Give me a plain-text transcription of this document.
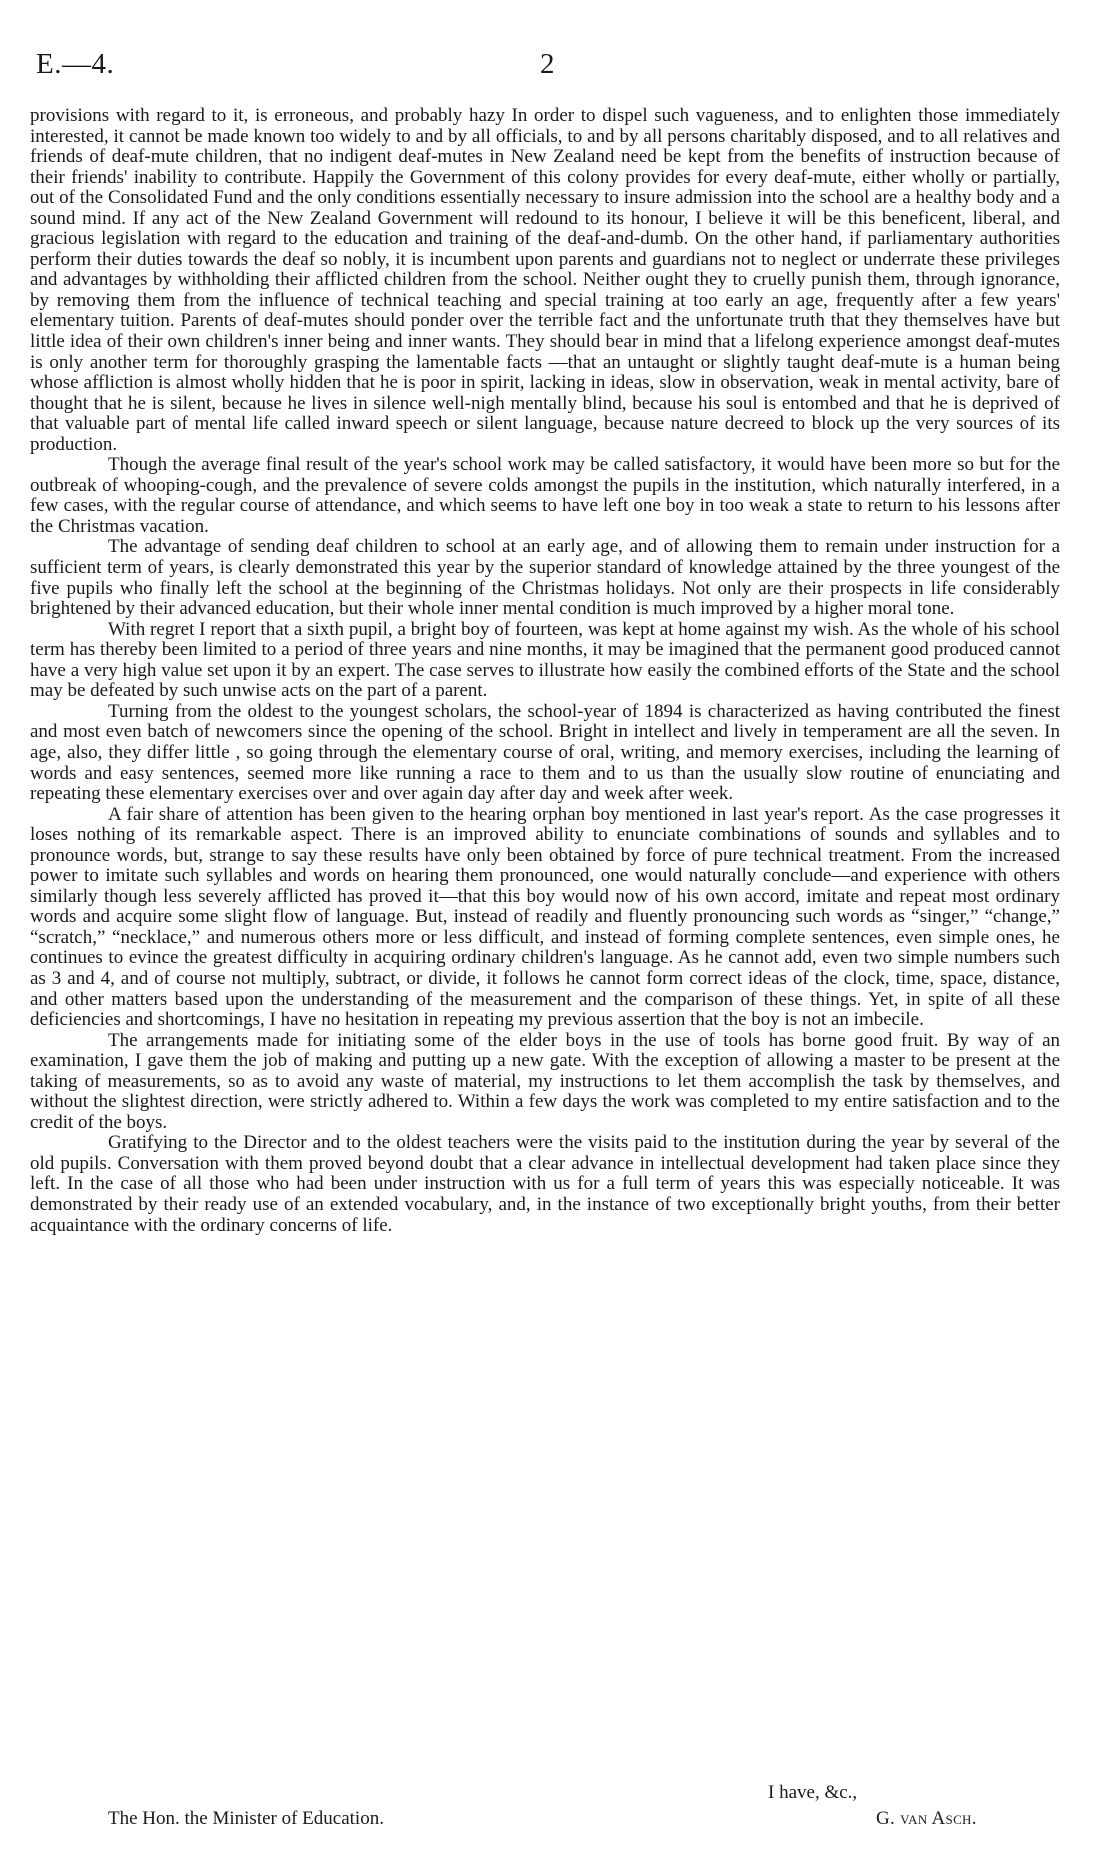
E.—4.	2

provisions with regard to it, is erroneous, and probably hazy In order to dispel such vagueness, and to enlighten those immediately interested, it cannot be made known too widely to and by all officials, to and by all persons charitably disposed, and to all relatives and friends of deaf-mute children, that no indigent deaf-mutes in New Zealand need be kept from the benefits of instruction because of their friends' inability to contribute. Happily the Government of this colony provides for every deaf-mute, either wholly or partially, out of the Consolidated Fund and the only conditions essentially necessary to insure admission into the school are a healthy body and a sound mind. If any act of the New Zealand Government will redound to its honour, I believe it will be this beneficent, liberal, and gracious legislation with regard to the education and training of the deaf-and-dumb. On the other hand, if parliamentary authorities perform their duties towards the deaf so nobly, it is incumbent upon parents and guardians not to neglect or underrate these privileges and advantages by withholding their afflicted children from the school. Neither ought they to cruelly punish them, through ignorance, by removing them from the influence of technical teaching and special training at too early an age, frequently after a few years' elementary tuition. Parents of deaf-mutes should ponder over the terrible fact and the unfortunate truth that they themselves have but little idea of their own children's inner being and inner wants. They should bear in mind that a lifelong experience amongst deaf-mutes is only another term for thoroughly grasping the lamentable facts —that an untaught or slightly taught deaf-mute is a human being whose affliction is almost wholly hidden that he is poor in spirit, lacking in ideas, slow in observation, weak in mental activity, bare of thought that he is silent, because he lives in silence well-nigh mentally blind, because his soul is entombed and that he is deprived of that valuable part of mental life called inward speech or silent language, because nature decreed to block up the very sources of its production.

Though the average final result of the year's school work may be called satisfactory, it would have been more so but for the outbreak of whooping-cough, and the prevalence of severe colds amongst the pupils in the institution, which naturally interfered, in a few cases, with the regular course of attendance, and which seems to have left one boy in too weak a state to return to his lessons after the Christmas vacation.

The advantage of sending deaf children to school at an early age, and of allowing them to remain under instruction for a sufficient term of years, is clearly demonstrated this year by the superior standard of knowledge attained by the three youngest of the five pupils who finally left the school at the beginning of the Christmas holidays. Not only are their prospects in life considerably brightened by their advanced education, but their whole inner mental condition is much improved by a higher moral tone.

With regret I report that a sixth pupil, a bright boy of fourteen, was kept at home against my wish. As the whole of his school term has thereby been limited to a period of three years and nine months, it may be imagined that the permanent good produced cannot have a very high value set upon it by an expert. The case serves to illustrate how easily the combined efforts of the State and the school may be defeated by such unwise acts on the part of a parent.

Turning from the oldest to the youngest scholars, the school-year of 1894 is characterized as having contributed the finest and most even batch of newcomers since the opening of the school. Bright in intellect and lively in temperament are all the seven. In age, also, they differ little , so going through the elementary course of oral, writing, and memory exercises, including the learning of words and easy sentences, seemed more like running a race to them and to us than the usually slow routine of enunciating and repeating these elementary exercises over and over again day after day and week after week.

A fair share of attention has been given to the hearing orphan boy mentioned in last year's report. As the case progresses it loses nothing of its remarkable aspect. There is an improved ability to enunciate combinations of sounds and syllables and to pronounce words, but, strange to say these results have only been obtained by force of pure technical treatment. From the increased power to imitate such syllables and words on hearing them pronounced, one would naturally conclude—and experience with others similarly though less severely afflicted has proved it—that this boy would now of his own accord, imitate and repeat most ordinary words and acquire some slight flow of language. But, instead of readily and fluently pronouncing such words as “singer,” “change,” “scratch,” “necklace,” and numerous others more or less difficult, and instead of forming complete sentences, even simple ones, he continues to evince the greatest difficulty in acquiring ordinary children's language. As he cannot add, even two simple numbers such as 3 and 4, and of course not multiply, subtract, or divide, it follows he cannot form correct ideas of the clock, time, space, distance, and other matters based upon the understanding of the measurement and the comparison of these things. Yet, in spite of all these deficiencies and shortcomings, I have no hesitation in repeating my previous assertion that the boy is not an imbecile.

The arrangements made for initiating some of the elder boys in the use of tools has borne good fruit. By way of an examination, I gave them the job of making and putting up a new gate. With the exception of allowing a master to be present at the taking of measurements, so as to avoid any waste of material, my instructions to let them accomplish the task by themselves, and without the slightest direction, were strictly adhered to. Within a few days the work was completed to my entire satisfaction and to the credit of the boys.

Gratifying to the Director and to the oldest teachers were the visits paid to the institution during the year by several of the old pupils. Conversation with them proved beyond doubt that a clear advance in intellectual development had taken place since they left. In the case of all those who had been under instruction with us for a full term of years this was especially noticeable. It was demonstrated by their ready use of an extended vocabulary, and, in the instance of two exceptionally bright youths, from their better acquaintance with the ordinary concerns of life.

I have, &c.,
The Hon. the Minister of Education.	G. van Asch.
